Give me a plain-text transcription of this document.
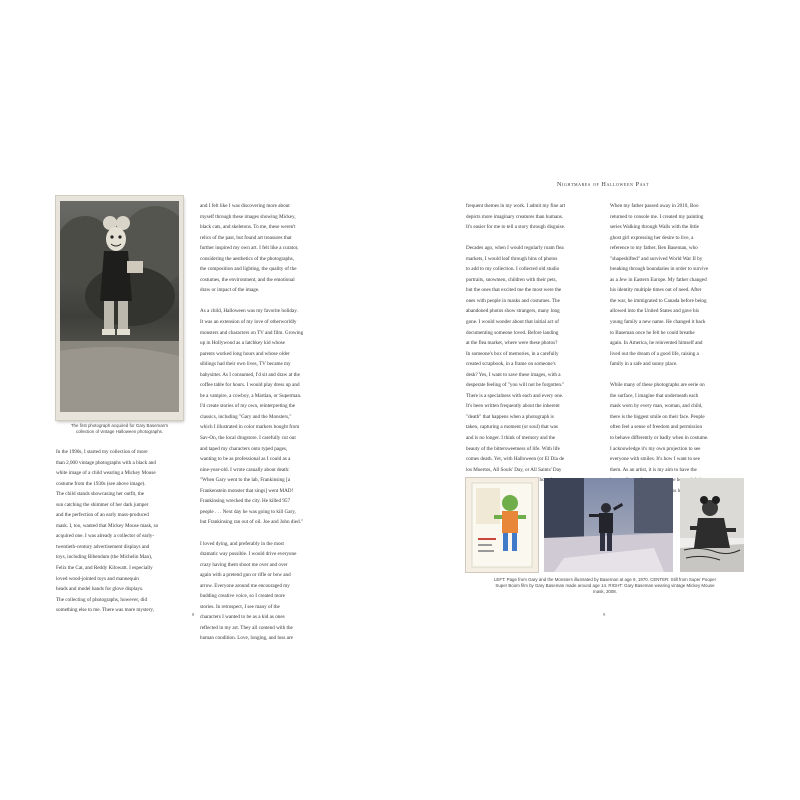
The first photograph acquired for Gary Baseman's
collection of vintage Halloween photographs.

In the 1990s, I started my collection of more
than 2,000 vintage photographs with a black and
white image of a child wearing a Mickey Mouse
costume from the 1930s (see above image).
The child stands showcasing her outfit, the
sun catching the shimmer of her dark jumper
and the perfection of an early mass-produced
mask. I, too, wanted that Mickey Mouse mask, so
acquired one. I was already a collector of early-
twentieth-century advertisement displays and
toys, including Bibendum (the Michelin Man),
Felix the Cat, and Reddy Kilowatt. I especially
loved wood-jointed toys and mannequin
heads and model hands for glove displays.
The collecting of photographs, however, did
something else to me. There was more mystery,

and I felt like I was discovering more about
myself through these images showing Mickey,
black cats, and skeletons. To me, these weren't
relics of the past, but found art treasures that
further inspired my own art. I felt like a curator,
considering the aesthetics of the photographs,
the composition and lighting, the quality of the
costumes, the environment, and the emotional
draw or impact of the image.

As a child, Halloween was my favorite holiday.
It was an extension of my love of otherworldly
monsters and characters on TV and film. Growing
up in Hollywood as a latchkey kid whose
parents worked long hours and whose older
siblings had their own lives, TV became my
babysitter. As I consumed, I'd sit and draw at the
coffee table for hours. I would play dress up and
be a vampire, a cowboy, a Martian, or Superman.
I'd create stories of my own, reinterpreting the
classics, including "Gary and the Monsters,"
which I illustrated in color markers bought from
Sav-On, the local drugstore. I carefully cut out
and taped my characters onto typed pages,
wanting to be as professional as I could as a
nine-year-old. I wrote casually about death:
"When Gary went to the lab, Frankinsing [a
Frankenstein monster that sings] went MAD!
Frankinsing wrecked the city. He killed 957
people . . . Next day he was going to kill Gary,
but Frankinsing ran out of oil. Joe and John died."

I loved dying, and preferably in the most
dramatic way possible. I would drive everyone
crazy having them shoot me over and over
again with a pretend gun or rifle or bow and
arrow. Everyone around me encouraged my
budding creative voice, so I created more
stories. In retrospect, I see many of the
characters I wanted to be as a kid as ones
reflected in my art. They all contend with the
human condition. Love, longing, and loss are

8
Nightmares of Halloween Past

frequent themes in my work. I admit my fine art
depicts more imaginary creatures than humans.
It's easier for me to tell a story through disguise.

Decades ago, when I would regularly roam flea
markets, I would leaf through bins of photos
to add to my collection. I collected old studio
portraits, snowmen, children with their pets,
but the ones that excited me the most were the
ones with people in masks and costumes. The
abandoned photos show strangers, many long
gone. I would wonder about that initial act of
documenting someone loved. Before landing
at the flea market, where were these photos?
In someone's box of memories, in a carefully
created scrapbook, in a frame on someone's
desk? Yes, I want to save these images, with a
desperate feeling of "you will not be forgotten."
There is a specialness with each and every one.
It's been written frequently about the inherent
"death" that happens when a photograph is
taken, capturing a moment (or soul) that was
and is no longer. I think of memory and the
beauty of the bittersweetness of life. With life
comes death. Yet, with Halloween (or El Día de
los Muertos, All Souls' Day, or All Saints' Day

When my father passed away in 2010, Boo
returned to console me. I created my painting
series Walking through Walls with the little
ghost girl expressing her desire to live, a
reference to my father, Ben Baseman, who
"shapeshifted" and survived World War II by
breaking through boundaries in order to survive
as a Jew in Eastern Europe. My father changed
his identity multiple times out of need. After
the war, he immigrated to Canada before being
allowed into the United States and gave his
young family a new name. He changed it back
to Baseman once he felt he could breathe
again. In America, he reinvented himself and
lived out the dream of a good life, raising a
family in a safe and sunny place.

While many of these photographs are eerie on
the surface, I imagine that underneath each
mask worn by every man, woman, and child,
there is the biggest smile on their face. People
often feel a sense of freedom and permission
to behave differently or badly when in costume.
I acknowledge it's my own projection to see
everyone with smiles. It's how I want to see
them. As an artist, it is my aim to have the

LEFT: Page from Gary and the Monsters illustrated by Baseman at age 9, 1970. CENTER: Still from Super Pooper
Super Boom film by Gary Baseman made around age 14. RIGHT: Gary Baseman wearing vintage Mickey Mouse
mask, 2008.
9
